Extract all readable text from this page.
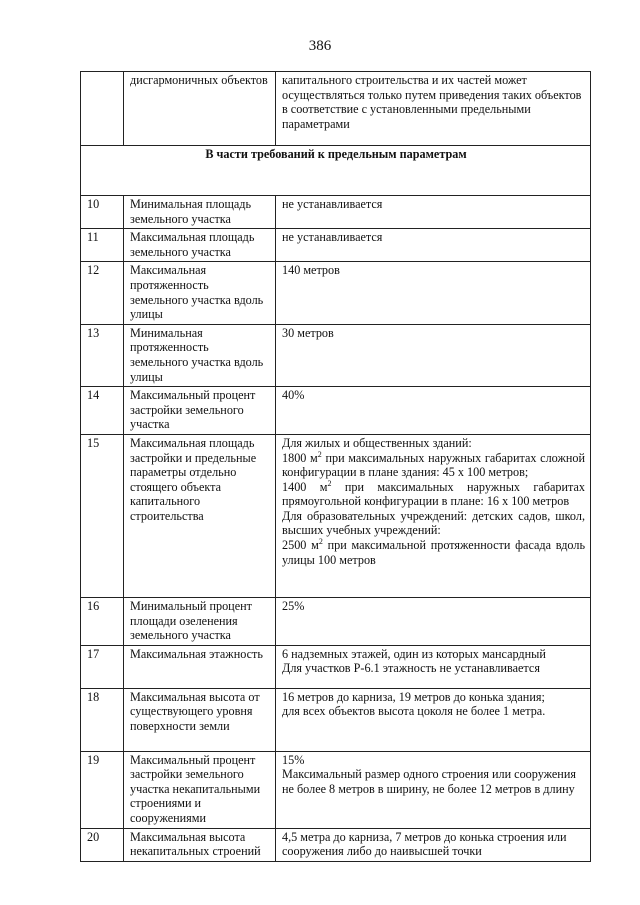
386
	дисгармоничных объектов	капитального строительства и их частей может осуществляться только путем приведения таких объектов в соответствие с установленными предельными параметрами
В части требований к предельным параметрам		
10	Минимальная площадь земельного участка	не устанавливается
11	Максимальная площадь земельного участка	не устанавливается
12	Максимальная протяженность земельного участка вдоль улицы	140 метров
13	Минимальная протяженность земельного участка вдоль улицы	30 метров
14	Максимальный процент застройки земельного участка	40%
15	Максимальная площадь застройки и предельные параметры отдельно стоящего объекта капитального строительства	Для жилых и общественных зданий:
1800 $м^2$ при максимальных наружных габаритах сложной конфигурации в плане здания: 45 х 100 метров;
1400 $м^2$ при максимальных наружных габаритах прямоугольной конфигурации в плане: 16 х 100 метров
Для образовательных учреждений: детских садов, школ, высших учебных учреждений:
2500 $м^2$ при максимальной протяженности фасада вдоль улицы 100 метров

16	Минимальный процент площади озеленения земельного участка	25%
17	Максимальная этажность	6 надземных этажей, один из которых мансардный
Для участков Р-6.1 этажность не устанавливается

18	Максимальная высота от существующего уровня поверхности земли	16 метров до карниза, 19 метров до конька здания;
для всех объектов высота цоколя не более 1 метра.

19	Максимальный процент застройки земельного участка некапитальными строениями и сооружениями	15%
Максимальный размер одного строения или сооружения не более 8 метров в ширину, не более 12 метров в длину

20	Максимальная высота некапитальных строений	4,5 метра до карниза, 7 метров до конька строения или сооружения либо до наивысшей точки
